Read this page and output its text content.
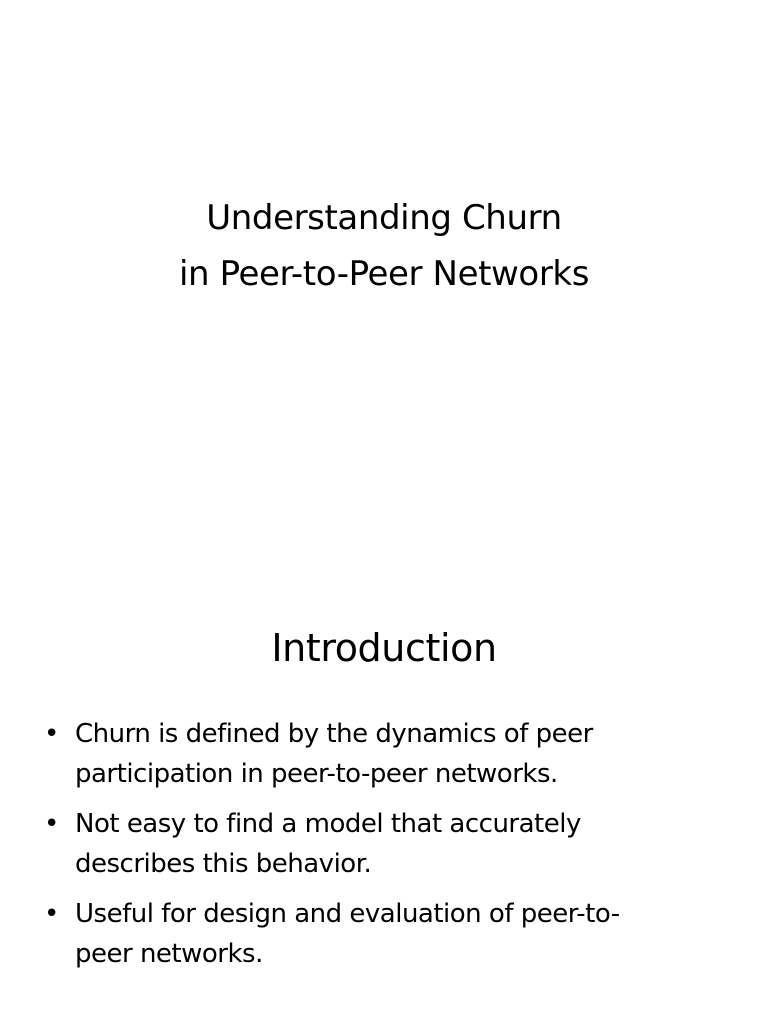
Understanding Churn
in Peer-to-Peer Networks
Introduction
• Churn is defined by the dynamics of peer
participation in peer-to-peer networks.
• Not easy to find a model that accurately
describes this behavior.
• Useful for design and evaluation of peer-to-
peer networks.
